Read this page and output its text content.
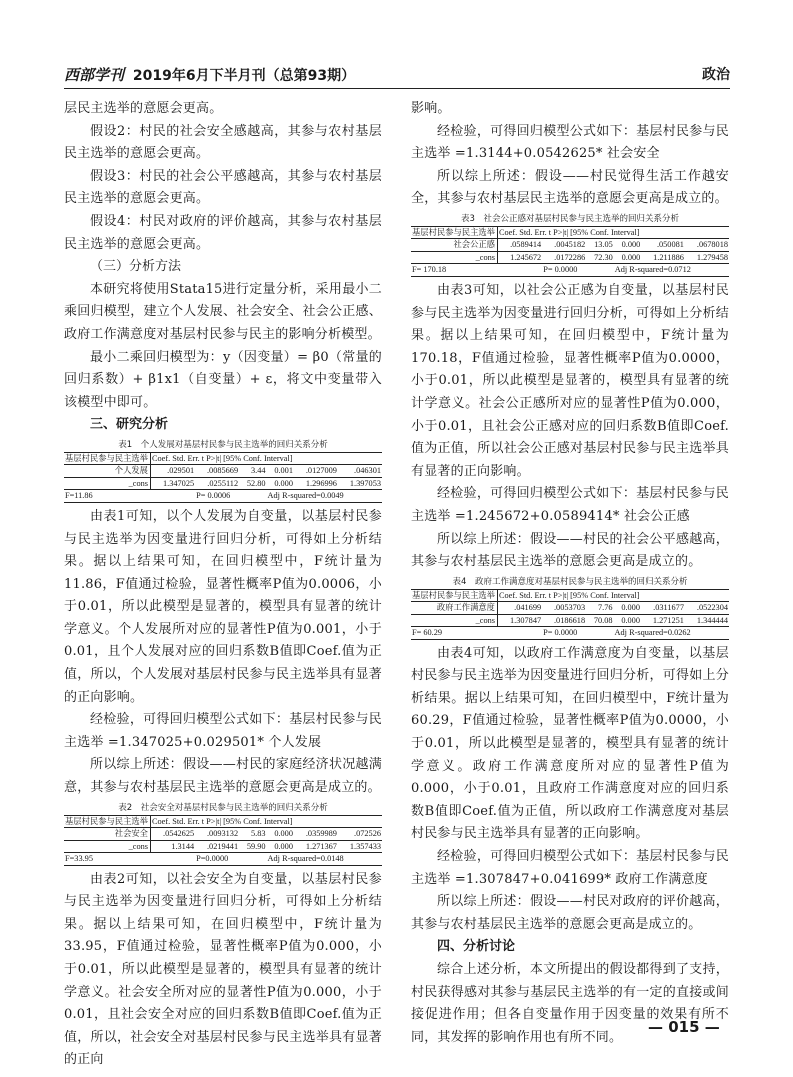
西部学刊 2019年6月下半月刊（总第93期）	政治

层民主选举的意愿会更高。

假设2：村民的社会安全感越高，其参与农村基层民主选举的意愿会更高。

假设3：村民的社会公平感越高，其参与农村基层民主选举的意愿会更高。

假设4：村民对政府的评价越高，其参与农村基层民主选举的意愿会更高。

（三）分析方法

本研究将使用Stata15进行定量分析，采用最小二乘回归模型，建立个人发展、社会安全、社会公正感、政府工作满意度对基层村民参与民主的影响分析模型。

最小二乘回归模型为：y（因变量）= β0（常量的回归系数）+ β1x1（自变量）+ ε，将文中变量带入该模型中即可。

三、研究分析
表1　个人发展对基层村民参与民主选举的回归关系分析
基层村民参与民主选举	Coef. Std. Err. t P>|t| [95% Conf. Interval]					
个人发展	.029501	.0085669	3.44	0.001	.0127009	.046301
_cons	1.347025	.0255112	52.80	0.000	1.296996	1.397053
F=11.86		P= 0.0006		Adj R-squared=0.0049		

由表1可知，以个人发展为自变量，以基层村民参与民主选举为因变量进行回归分析，可得如上分析结果。据以上结果可知，在回归模型中，F统计量为11.86，F值通过检验，显著性概率P值为0.0006，小于0.01，所以此模型是显著的，模型具有显著的统计学意义。个人发展所对应的显著性P值为0.001，小于0.01，且个人发展对应的回归系数B值即Coef.值为正值，所以，个人发展对基层村民参与民主选举具有显著的正向影响。

经检验，可得回归模型公式如下：基层村民参与民主选举 =1.347025+0.029501* 个人发展

所以综上所述：假设——村民的家庭经济状况越满意，其参与农村基层民主选举的意愿会更高是成立的。

表2　社会安全对基层村民参与民主选举的回归关系分析
基层村民参与民主选举	Coef. Std. Err. t P>|t| [95% Conf. Interval]					
社会安全	.0542625	.0093132	5.83	0.000	.0359989	.072526
_cons	1.3144	.0219441	59.90	0.000	1.271367	1.357433
F=33.95		P=0.0000		Adj R-squared=0.0148		

由表2可知，以社会安全为自变量，以基层村民参与民主选举为因变量进行回归分析，可得如上分析结果。据以上结果可知，在回归模型中，F统计量为33.95，F值通过检验，显著性概率P值为0.000，小于0.01，所以此模型是显著的，模型具有显著的统计学意义。社会安全所对应的显著性P值为0.000，小于0.01，且社会安全对应的回归系数B值即Coef.值为正值，所以，社会安全对基层村民参与民主选举具有显著的正向

影响。

经检验，可得回归模型公式如下：基层村民参与民主选举 =1.3144+0.0542625* 社会安全

所以综上所述：假设——村民觉得生活工作越安全，其参与农村基层民主选举的意愿会更高是成立的。

表3　社会公正感对基层村民参与民主选举的回归关系分析
基层村民参与民主选举	Coef. Std. Err. t P>|t| [95% Conf. Interval]					
社会公正感	.0589414	.0045182	13.05	0.000	.050081	.0678018
_cons	1.245672	.0172286	72.30	0.000	1.211886	1.279458
F= 170.18		P= 0.0000		Adj R-squared=0.0712		

由表3可知，以社会公正感为自变量，以基层村民参与民主选举为因变量进行回归分析，可得如上分析结果。据以上结果可知，在回归模型中，F统计量为170.18，F值通过检验，显著性概率P值为0.0000，小于0.01，所以此模型是显著的，模型具有显著的统计学意义。社会公正感所对应的显著性P值为0.000，小于0.01，且社会公正感对应的回归系数B值即Coef.值为正值，所以社会公正感对基层村民参与民主选举具有显著的正向影响。

经检验，可得回归模型公式如下：基层村民参与民主选举 =1.245672+0.0589414* 社会公正感

所以综上所述：假设——村民的社会公平感越高，其参与农村基层民主选举的意愿会更高是成立的。

表4　政府工作满意度对基层村民参与民主选举的回归关系分析
基层村民参与民主选举	Coef. Std. Err. t P>|t| [95% Conf. Interval]					
政府工作满意度	.041699	.0053703	7.76	0.000	.0311677	.0522304
_cons	1.307847	.0186618	70.08	0.000	1.271251	1.344444
F= 60.29		P= 0.0000		Adj R-squared=0.0262		

由表4可知，以政府工作满意度为自变量，以基层村民参与民主选举为因变量进行回归分析，可得如上分析结果。据以上结果可知，在回归模型中，F统计量为60.29，F值通过检验，显著性概率P值为0.0000，小于0.01，所以此模型是显著的，模型具有显著的统计学意义。政府工作满意度所对应的显著性P值为0.000，小于0.01，且政府工作满意度对应的回归系数B值即Coef.值为正值，所以政府工作满意度对基层村民参与民主选举具有显著的正向影响。

经检验，可得回归模型公式如下：基层村民参与民主选举 =1.307847+0.041699* 政府工作满意度

所以综上所述：假设——村民对政府的评价越高，其参与农村基层民主选举的意愿会更高是成立的。

四、分析讨论

综合上述分析，本文所提出的假设都得到了支持，村民获得感对其参与基层民主选举的有一定的直接或间接促进作用；但各自变量作用于因变量的效果有所不同，其发挥的影响作用也有所不同。

— 015 —
